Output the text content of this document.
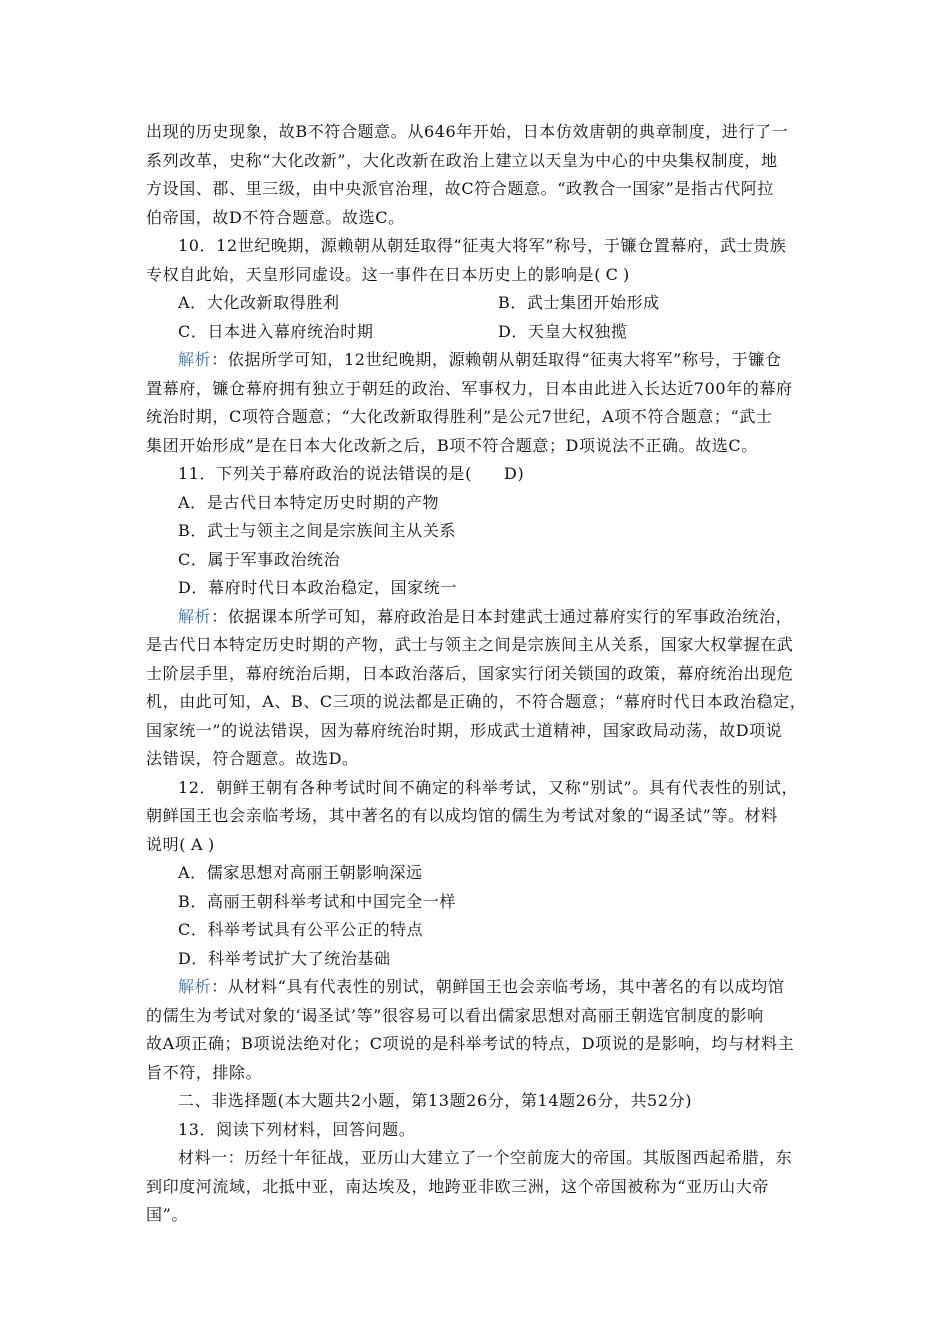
出现的历史现象，故B不符合题意。从646年开始，日本仿效唐朝的典章制度，进行了一

系列改革，史称“大化改新”，大化改新在政治上建立以天皇为中心的中央集权制度，地

方设国、郡、里三级，由中央派官治理，故C符合题意。“政教合一国家”是指古代阿拉

伯帝国，故D不符合题意。故选C。

10．12世纪晚期，源赖朝从朝廷取得“征夷大将军”称号，于镰仓置幕府，武士贵族

专权自此始，天皇形同虚设。这一事件在日本历史上的影响是( C )

A．大化改新取得胜利	B．武士集团开始形成
C．日本进入幕府统治时期	D．天皇大权独揽

解析：依据所学可知，12世纪晚期，源赖朝从朝廷取得“征夷大将军”称号，于镰仓

置幕府，镰仓幕府拥有独立于朝廷的政治、军事权力，日本由此进入长达近700年的幕府

统治时期，C项符合题意；“大化改新取得胜利”是公元7世纪，A项不符合题意；“武士

集团开始形成”是在日本大化改新之后，B项不符合题意；D项说法不正确。故选C。

11．下列关于幕府政治的说法错误的是( D)

A．是古代日本特定历史时期的产物

B．武士与领主之间是宗族间主从关系

C．属于军事政治统治

D．幕府时代日本政治稳定，国家统一

解析：依据课本所学可知，幕府政治是日本封建武士通过幕府实行的军事政治统治，

是古代日本特定历史时期的产物，武士与领主之间是宗族间主从关系，国家大权掌握在武

士阶层手里，幕府统治后期，日本政治落后，国家实行闭关锁国的政策，幕府统治出现危

机，由此可知，A、B、C三项的说法都是正确的，不符合题意；“幕府时代日本政治稳定，

国家统一”的说法错误，因为幕府统治时期，形成武士道精神，国家政局动荡，故D项说

法错误，符合题意。故选D。

12．朝鲜王朝有各种考试时间不确定的科举考试，又称“别试”。具有代表性的别试，

朝鲜国王也会亲临考场，其中著名的有以成均馆的儒生为考试对象的“谒圣试”等。材料

说明( A )

A．儒家思想对高丽王朝影响深远

B．高丽王朝科举考试和中国完全一样

C．科举考试具有公平公正的特点

D．科举考试扩大了统治基础

解析：从材料“具有代表性的别试，朝鲜国王也会亲临考场，其中著名的有以成均馆

的儒生为考试对象的‘谒圣试’等”很容易可以看出儒家思想对高丽王朝选官制度的影响

故A项正确；B项说法绝对化；C项说的是科举考试的特点，D项说的是影响，均与材料主

旨不符，排除。

二、非选择题(本大题共2小题，第13题26分，第14题26分，共52分)

13．阅读下列材料，回答问题。

材料一：历经十年征战，亚历山大建立了一个空前庞大的帝国。其版图西起希腊，东

到印度河流域，北抵中亚，南达埃及，地跨亚非欧三洲，这个帝国被称为“亚历山大帝

国”。
